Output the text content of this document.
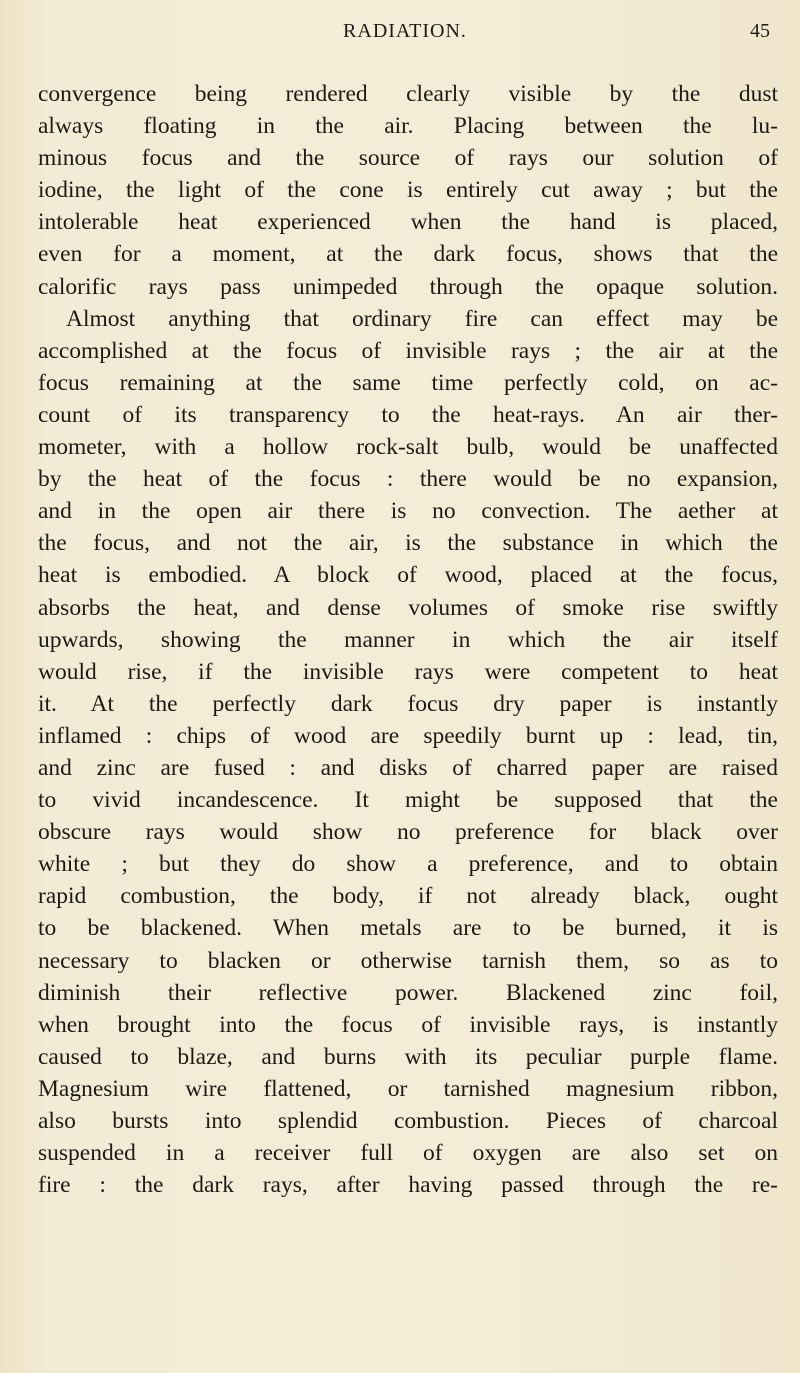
RADIATION.	45
convergence being rendered clearly visible by the dust
always floating in the air. Placing between the lu-
minous focus and the source of rays our solution of
iodine, the light of the cone is entirely cut away ; but the
intolerable heat experienced when the hand is placed,
even for a moment, at the dark focus, shows that the
calorific rays pass unimpeded through the opaque solution.
Almost anything that ordinary fire can effect may be
accomplished at the focus of invisible rays ; the air at the
focus remaining at the same time perfectly cold, on ac-
count of its transparency to the heat-rays. An air ther-
mometer, with a hollow rock-salt bulb, would be unaffected
by the heat of the focus : there would be no expansion,
and in the open air there is no convection. The aether at
the focus, and not the air, is the substance in which the
heat is embodied. A block of wood, placed at the focus,
absorbs the heat, and dense volumes of smoke rise swiftly
upwards, showing the manner in which the air itself
would rise, if the invisible rays were competent to heat
it. At the perfectly dark focus dry paper is instantly
inflamed : chips of wood are speedily burnt up : lead, tin,
and zinc are fused : and disks of charred paper are raised
to vivid incandescence. It might be supposed that the
obscure rays would show no preference for black over
white ; but they do show a preference, and to obtain
rapid combustion, the body, if not already black, ought
to be blackened. When metals are to be burned, it is
necessary to blacken or otherwise tarnish them, so as to
diminish their reflective power. Blackened zinc foil,
when brought into the focus of invisible rays, is instantly
caused to blaze, and burns with its peculiar purple flame.
Magnesium wire flattened, or tarnished magnesium ribbon,
also bursts into splendid combustion. Pieces of charcoal
suspended in a receiver full of oxygen are also set on
fire : the dark rays, after having passed through the re-
